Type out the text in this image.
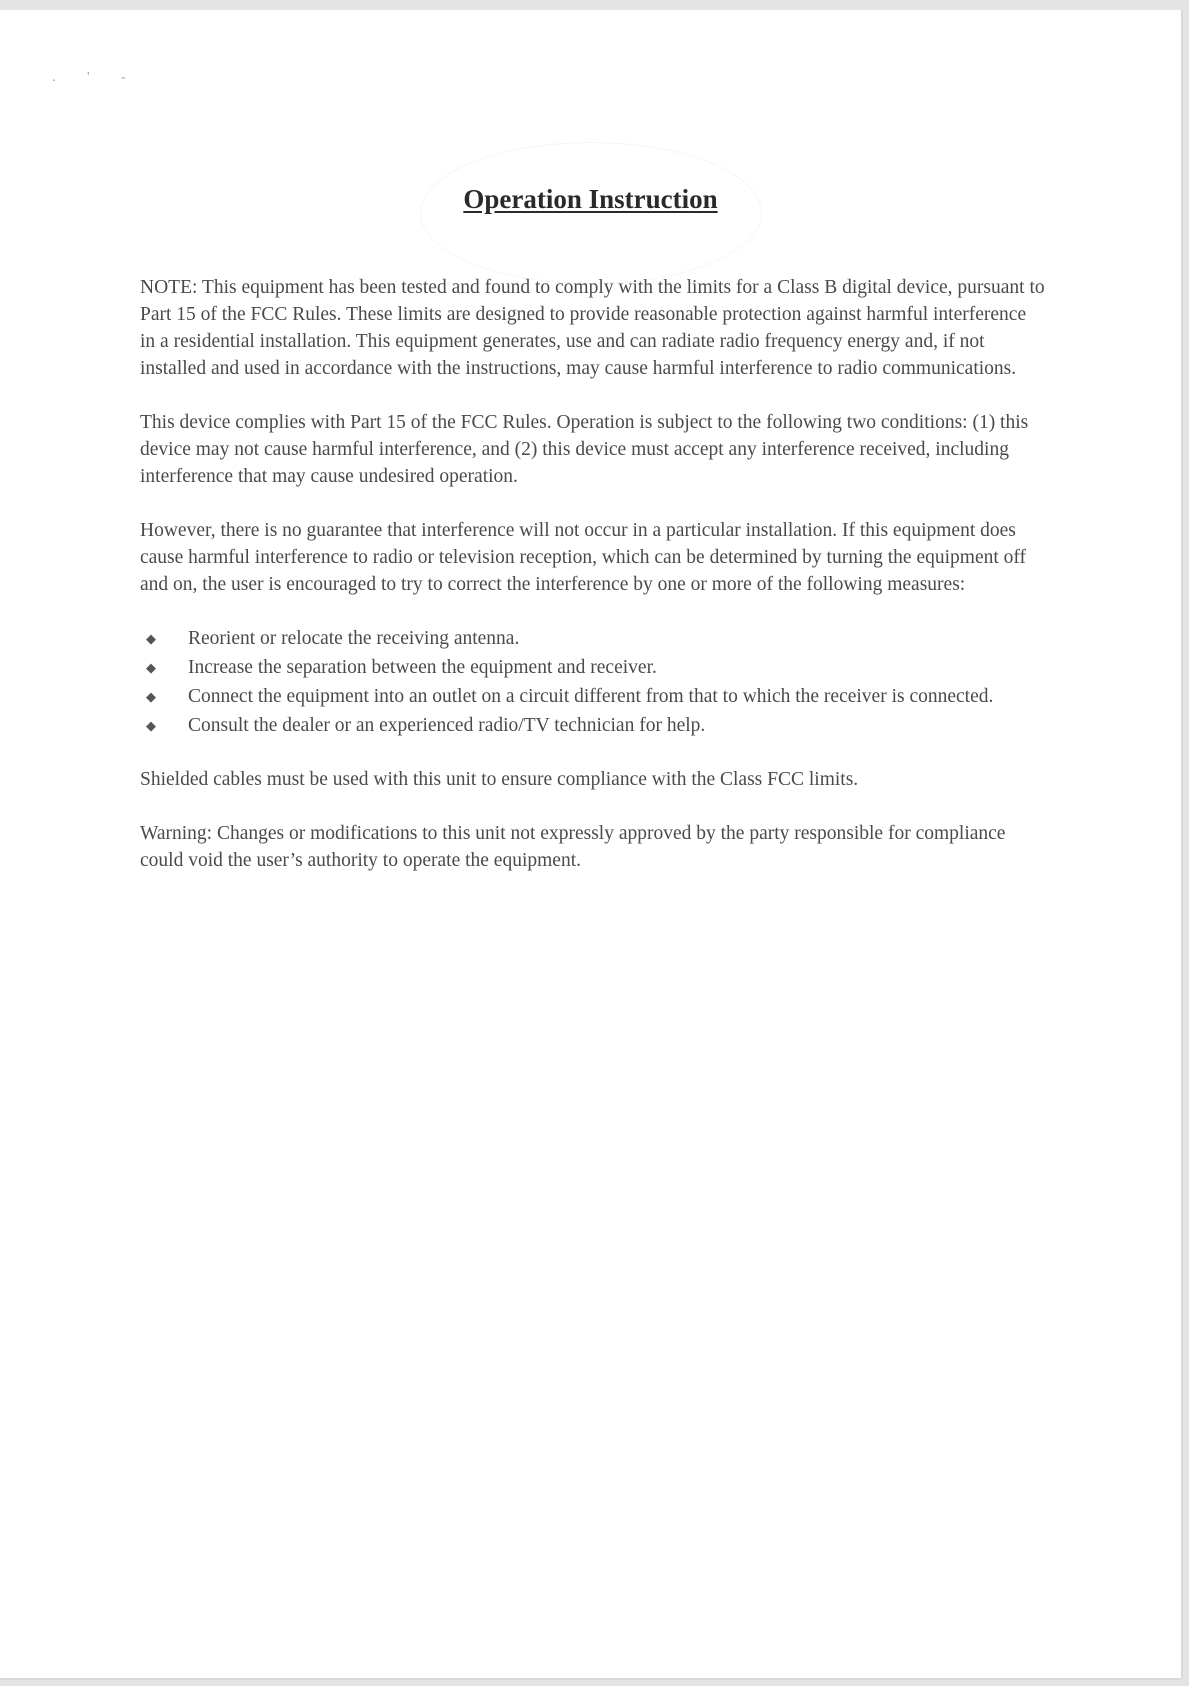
. ' -
Operation Instruction

NOTE: This equipment has been tested and found to comply with the limits for a Class B digital device, pursuant to Part 15 of the FCC Rules. These limits are designed to provide reasonable protection against harmful interference in a residential installation. This equipment generates, use and can radiate radio frequency energy and, if not installed and used in accordance with the instructions, may cause harmful interference to radio communications.

This device complies with Part 15 of the FCC Rules. Operation is subject to the following two conditions: (1) this device may not cause harmful interference, and (2) this device must accept any interference received, including interference that may cause undesired operation.

However, there is no guarantee that interference will not occur in a particular installation. If this equipment does cause harmful interference to radio or television reception, which can be determined by turning the equipment off and on, the user is encouraged to try to correct the interference by one or more of the following measures:

◆ Reorient or relocate the receiving antenna.
◆ Increase the separation between the equipment and receiver.
◆ Connect the equipment into an outlet on a circuit different from that to which the receiver is connected.
◆ Consult the dealer or an experienced radio/TV technician for help.

Shielded cables must be used with this unit to ensure compliance with the Class FCC limits.

Warning: Changes or modifications to this unit not expressly approved by the party responsible for compliance could void the user’s authority to operate the equipment.
